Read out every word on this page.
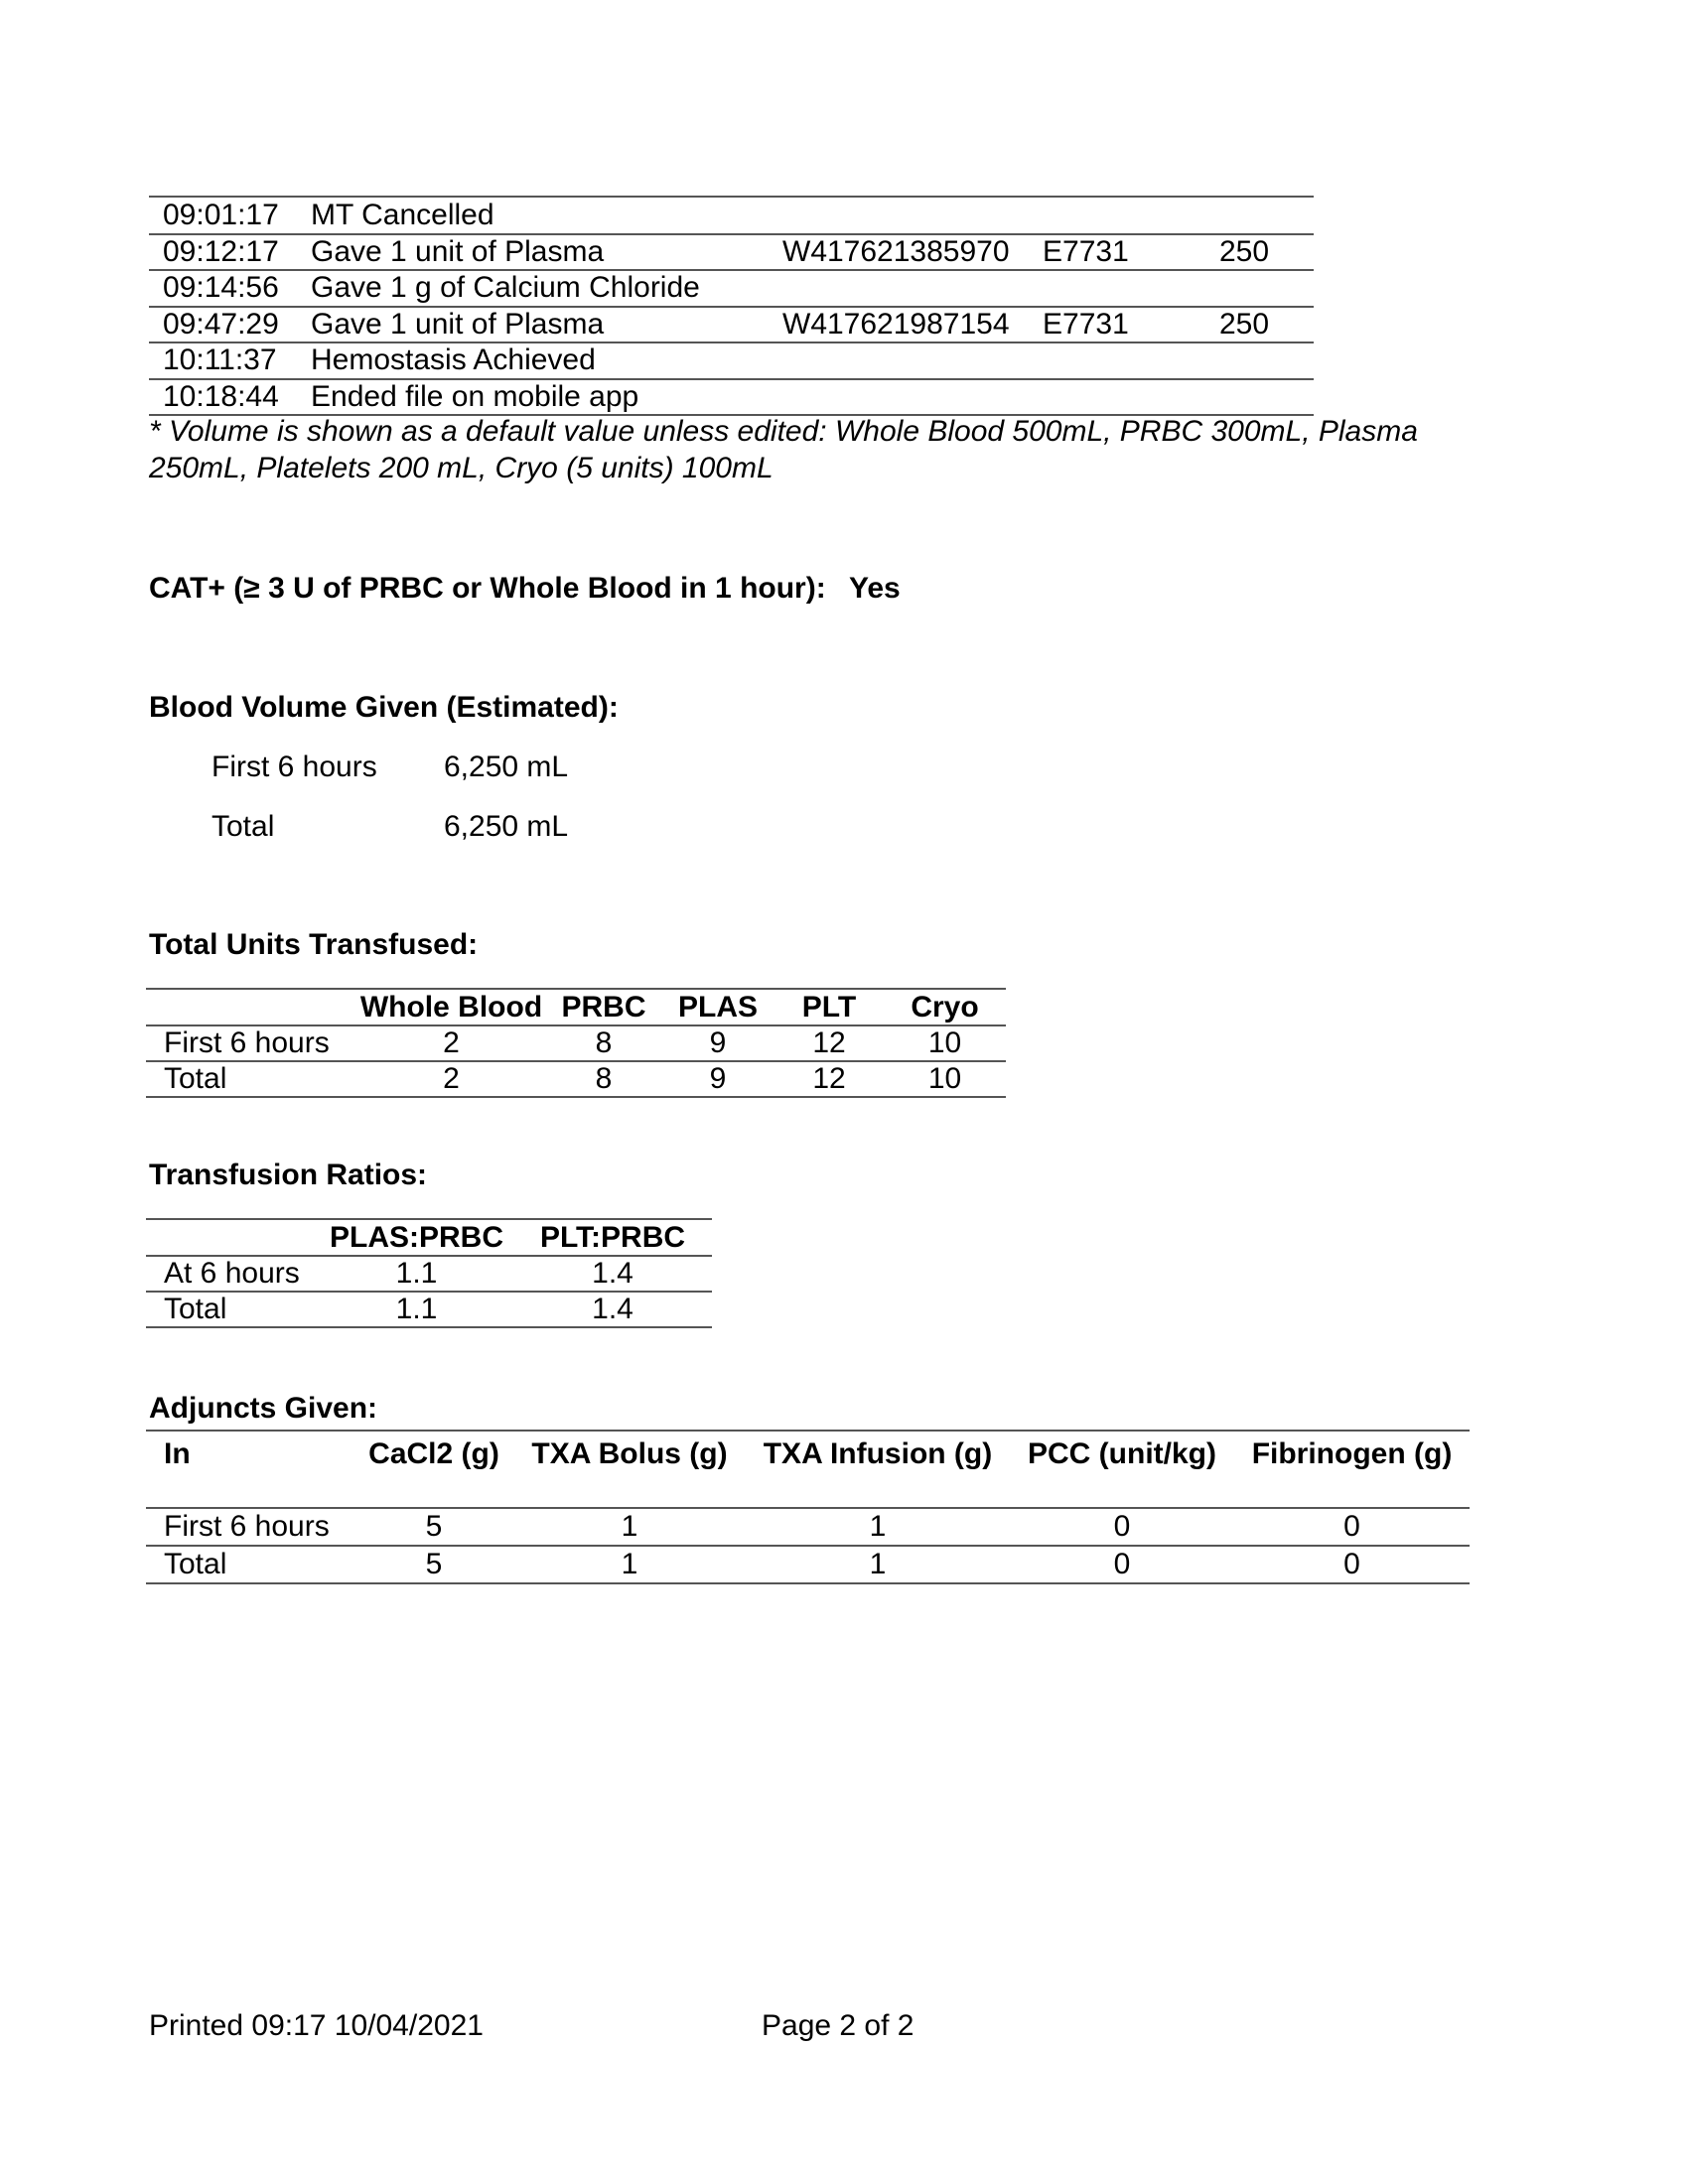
09:01:17	MT Cancelled			
09:12:17	Gave 1 unit of Plasma	W417621385970	E7731	250
09:14:56	Gave 1 g of Calcium Chloride			
09:47:29	Gave 1 unit of Plasma	W417621987154	E7731	250
10:11:37	Hemostasis Achieved			
10:18:44	Ended file on mobile app			
* Volume is shown as a default value unless edited: Whole Blood 500mL, PRBC 300mL, Plasma
250mL, Platelets 200 mL, Cryo (5 units) 100mL
CAT+ (≥ 3 U of PRBC or Whole Blood in 1 hour): Yes
Blood Volume Given (Estimated):
First 6 hours 6,250 mL
Total	6,250 mL
Total Units Transfused:
	Whole Blood	PRBC	PLAS	PLT	Cryo
First 6 hours	2	8	9	12	10
Total	2	8	9	12	10
Transfusion Ratios:
	PLAS:PRBC	PLT:PRBC
At 6 hours	1.1	1.4
Total	1.1	1.4
Adjuncts Given:
In	CaCl2 (g)	TXA Bolus (g)	TXA Infusion (g)	PCC (unit/kg)	Fibrinogen (g)
First 6 hours	5	1	1	0	0
Total	5	1	1	0	0
Printed 09:17 10/04/2021	Page 2 of 2
